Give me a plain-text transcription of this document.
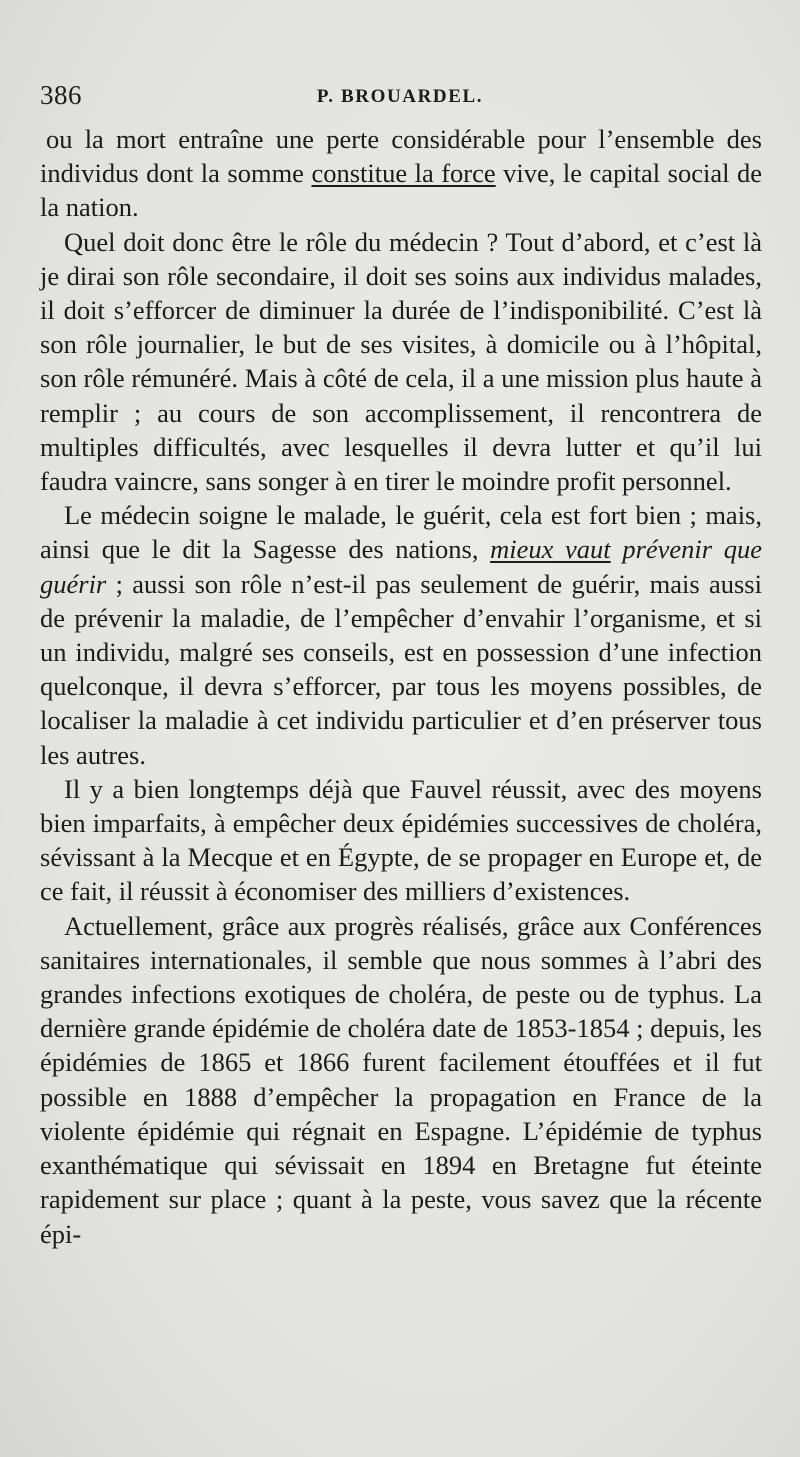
386	P. BROUARDEL.

ou la mort entraîne une perte considérable pour l’ensemble des individus dont la somme constitue la force vive, le capital social de la nation.

Quel doit donc être le rôle du médecin ? Tout d’abord, et c’est là je dirai son rôle secondaire, il doit ses soins aux individus malades, il doit s’efforcer de diminuer la durée de l’indisponibilité. C’est là son rôle journalier, le but de ses visites, à domicile ou à l’hôpital, son rôle rémunéré. Mais à côté de cela, il a une mission plus haute à remplir ; au cours de son accomplissement, il rencontrera de multiples difficultés, avec lesquelles il devra lutter et qu’il lui faudra vaincre, sans songer à en tirer le moindre profit personnel.

Le médecin soigne le malade, le guérit, cela est fort bien ; mais, ainsi que le dit la Sagesse des nations, mieux vaut prévenir que guérir ; aussi son rôle n’est-il pas seulement de guérir, mais aussi de prévenir la maladie, de l’empêcher d’envahir l’organisme, et si un individu, malgré ses conseils, est en possession d’une infection quelconque, il devra s’efforcer, par tous les moyens possibles, de localiser la maladie à cet individu particulier et d’en préserver tous les autres.

Il y a bien longtemps déjà que Fauvel réussit, avec des moyens bien imparfaits, à empêcher deux épidémies successives de choléra, sévissant à la Mecque et en Égypte, de se propager en Europe et, de ce fait, il réussit à économiser des milliers d’existences.

Actuellement, grâce aux progrès réalisés, grâce aux Conférences sanitaires internationales, il semble que nous sommes à l’abri des grandes infections exotiques de choléra, de peste ou de typhus. La dernière grande épidémie de choléra date de 1853-1854 ; depuis, les épidémies de 1865 et 1866 furent facilement étouffées et il fut possible en 1888 d’empêcher la propagation en France de la violente épidémie qui régnait en Espagne. L’épidémie de typhus exanthématique qui sévissait en 1894 en Bretagne fut éteinte rapidement sur place ; quant à la peste, vous savez que la récente épi-
